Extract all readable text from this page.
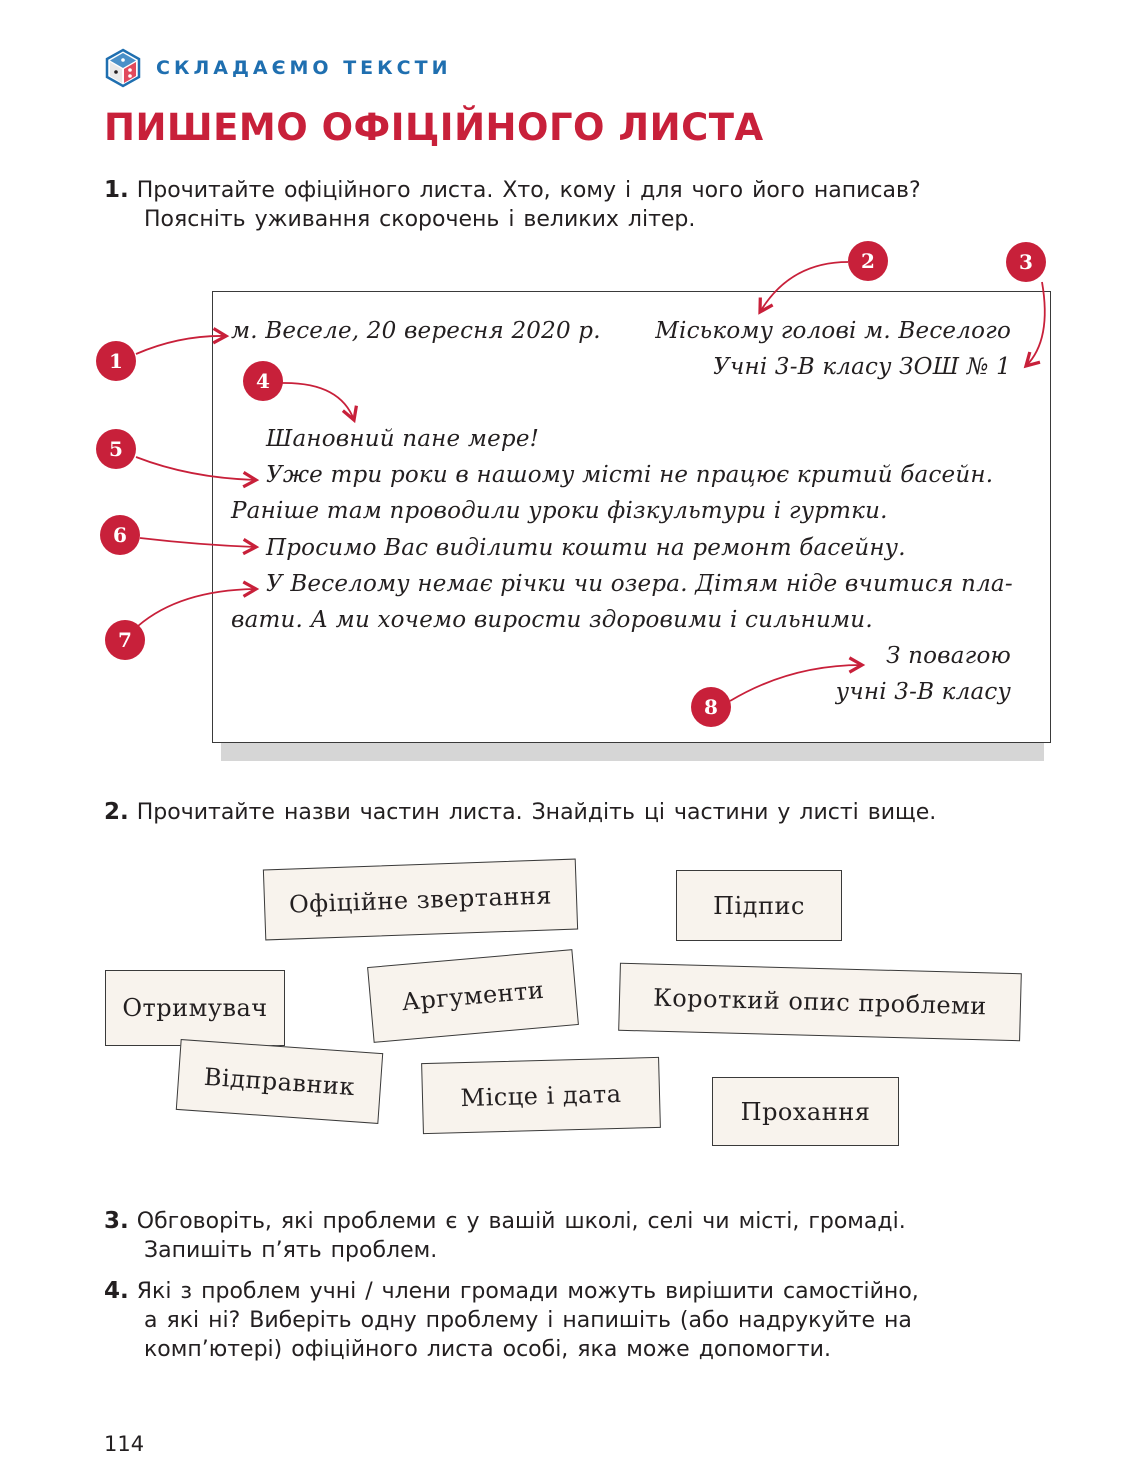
СКЛАДАЄМО ТЕКСТИ
ПИШЕМО ОФІЦІЙНОГО ЛИСТА
1. Прочитайте офіційного листа. Хто, кому і для чого його написав?
Поясніть уживання скорочень і великих літер.
м. Веселе, 20 вересня 2020 р. Міському голові м. Веселого
Учні 3-В класу ЗОШ № 1
Шановний пане мере!
Уже три роки в нашому місті не працює критий басейн.
Раніше там проводили уроки фізкультури і гуртки.
Просимо Вас виділити кошти на ремонт басейну.
У Веселому немає річки чи озера. Дітям ніде вчитися пла-
вати. А ми хочемо вирости здоровими і сильними.
З повагою
учні 3-В класу
1
2	3
4
5
6
7
8
2. Прочитайте назви частин листа. Знайдіть ці частини у листі вище.
Офіційне звертання	Підпис
Отримувач	Аргументи	Короткий опис проблеми
Відправник	Місце і дата	Прохання
3. Обговоріть, які проблеми є у вашій школі, селі чи місті, громаді.
Запишіть п’ять проблем.
4. Які з проблем учні / члени громади можуть вирішити самостійно,
а які ні? Виберіть одну проблему і напишіть (або надрукуйте на
комп’ютері) офіційного листа особі, яка може допомогти.
114
